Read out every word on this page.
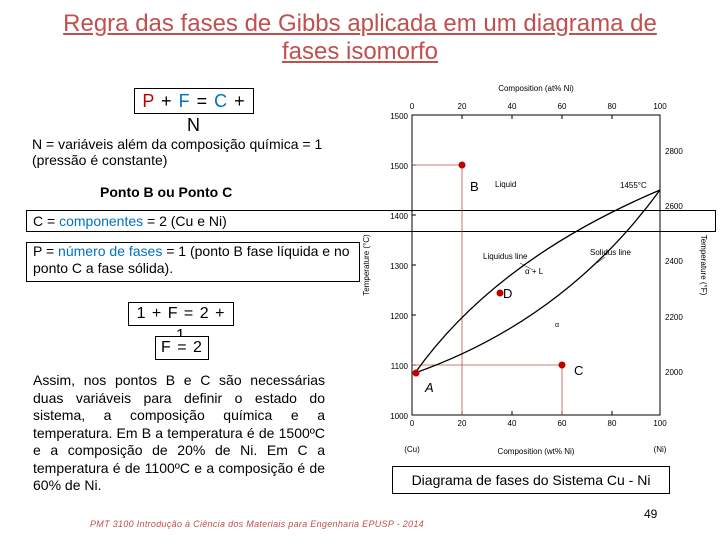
Regra das fases de Gibbs aplicada em um diagrama de fases isomorfo
P + F = C + N
N = variáveis além da composição química = 1
(pressão é constante)
Ponto B ou Ponto C
C = componentes = 2 (Cu e Ni)
P = número de fases = 1 (ponto B fase líquida e no ponto C a fase sólida).
1 + F = 2 +
F = 2
Assim, nos pontos B e C são necessárias duas variáveis para definir o estado do sistema, a composição química e a temperatura. Em B a temperatura é de 1500ºC e a composição de 20% de Ni. Em C a temperatura é de 1100ºC e a composição é de 60% de Ni.
Composition (at% Ni)
0	20	40	60	80	100
1500
1500
1400
1300
1200
1100
1000
Temperature (°C)
2800
2600
2400
2200
2000
Temperature (°F)
0	20	40	60	80	100
(Cu)	(Ni)
Composition (wt% Ni)
Liquid	1455°C
Liquidus line	Solidus line
α + L
α
B
C
D
A
Diagrama de fases do Sistema Cu - Ni
PMT 3100 Introdução à Ciência dos Materiais para Engenharia EPUSP - 2014
49
